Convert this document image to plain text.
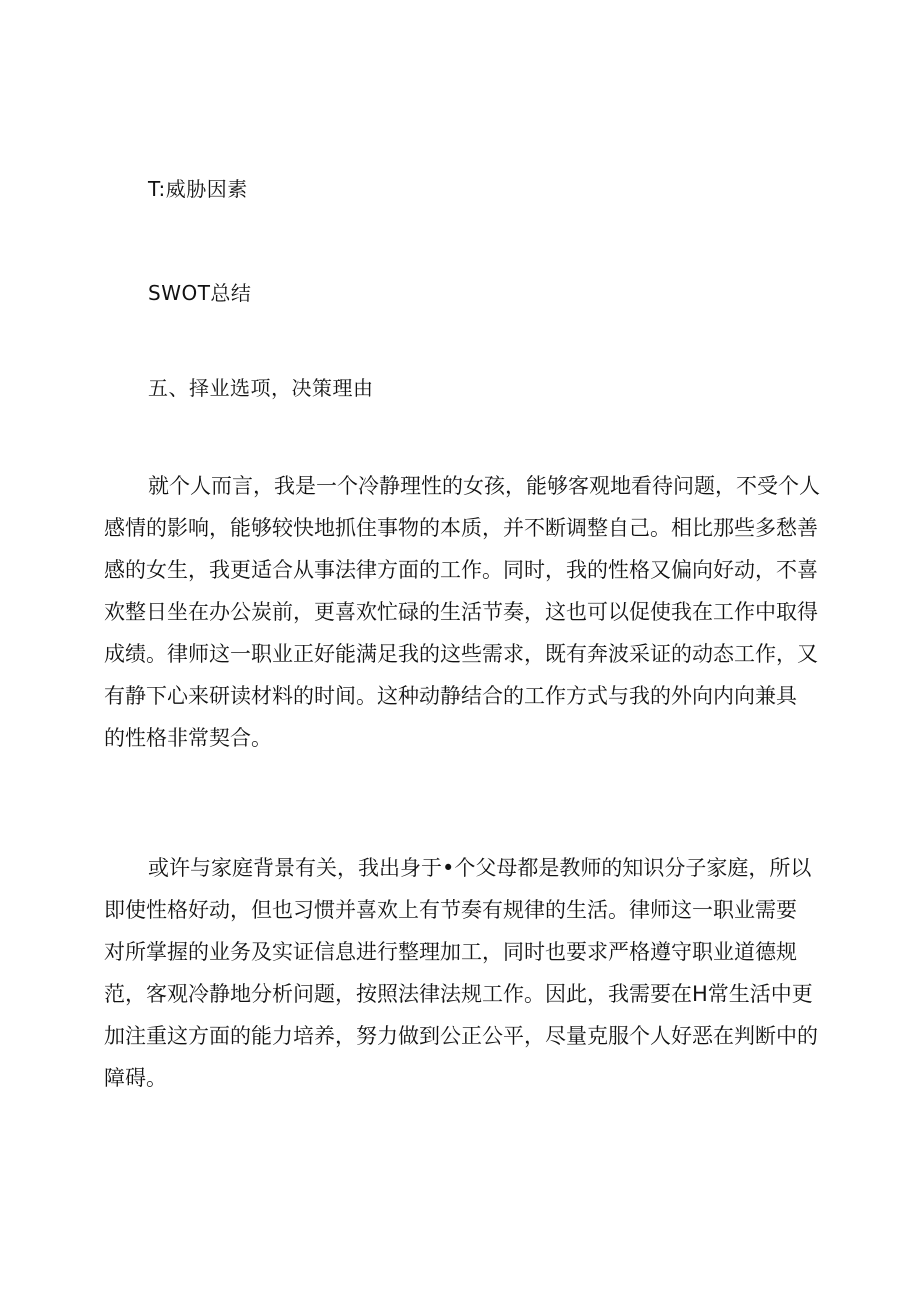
T:威胁因素
SWOT总结
五、择业选项，决策理由

就个人而言，我是一个冷静理性的女孩，能够客观地看待问题，不受个人
感情的影响，能够较快地抓住事物的本质，并不断调整自己。相比那些多愁善
感的女生，我更适合从事法律方面的工作。同时，我的性格又偏向好动，不喜
欢整日坐在办公炭前，更喜欢忙碌的生活节奏，这也可以促使我在工作中取得
成绩。律师这一职业正好能满足我的这些需求，既有奔波采证的动态工作，又
有静下心来研读材料的时间。这种动静结合的工作方式与我的外向内向兼具
的性格非常契合。

或许与家庭背景有关，我出身于•个父母都是教师的知识分子家庭，所以
即使性格好动，但也习惯并喜欢上有节奏有规律的生活。律师这一职业需要
对所掌握的业务及实证信息进行整理加工，同时也要求严格遵守职业道德规
范，客观冷静地分析问题，按照法律法规工作。因此，我需要在H常生活中更
加注重这方面的能力培养，努力做到公正公平，尽量克服个人好恶在判断中的
障碍。
